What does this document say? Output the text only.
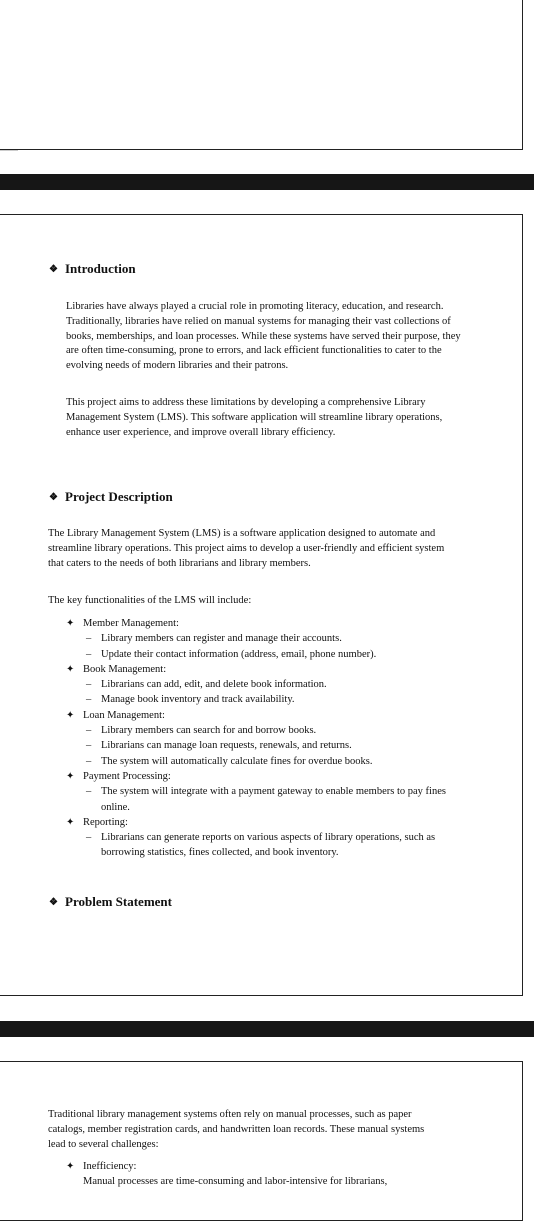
❖ Introduction

Libraries have always played a crucial role in promoting literacy, education, and research. Traditionally, libraries have relied on manual systems for managing their vast collections of books, memberships, and loan processes. While these systems have served their purpose, they are often time-consuming, prone to errors, and lack efficient functionalities to cater to the evolving needs of modern libraries and their patrons.

This project aims to address these limitations by developing a comprehensive Library Management System (LMS). This software application will streamline library operations, enhance user experience, and improve overall library efficiency.

❖ Project Description

The Library Management System (LMS) is a software application designed to automate and streamline library operations. This project aims to develop a user-friendly and efficient system that caters to the needs of both librarians and library members.

The key functionalities of the LMS will include:

✦ Member Management:
– Library members can register and manage their accounts.
– Update their contact information (address, email, phone number).
✦ Book Management:
– Librarians can add, edit, and delete book information.
– Manage book inventory and track availability.
✦ Loan Management:
– Library members can search for and borrow books.
– Librarians can manage loan requests, renewals, and returns.
– The system will automatically calculate fines for overdue books.
✦ Payment Processing:
– The system will integrate with a payment gateway to enable members to pay fines online.
✦ Reporting:
– Librarians can generate reports on various aspects of library operations, such as borrowing statistics, fines collected, and book inventory.
❖ Problem Statement

Traditional library management systems often rely on manual processes, such as paper catalogs, member registration cards, and handwritten loan records. These manual systems lead to several challenges:

✦ Inefficiency:
Manual processes are time-consuming and labor-intensive for librarians,
